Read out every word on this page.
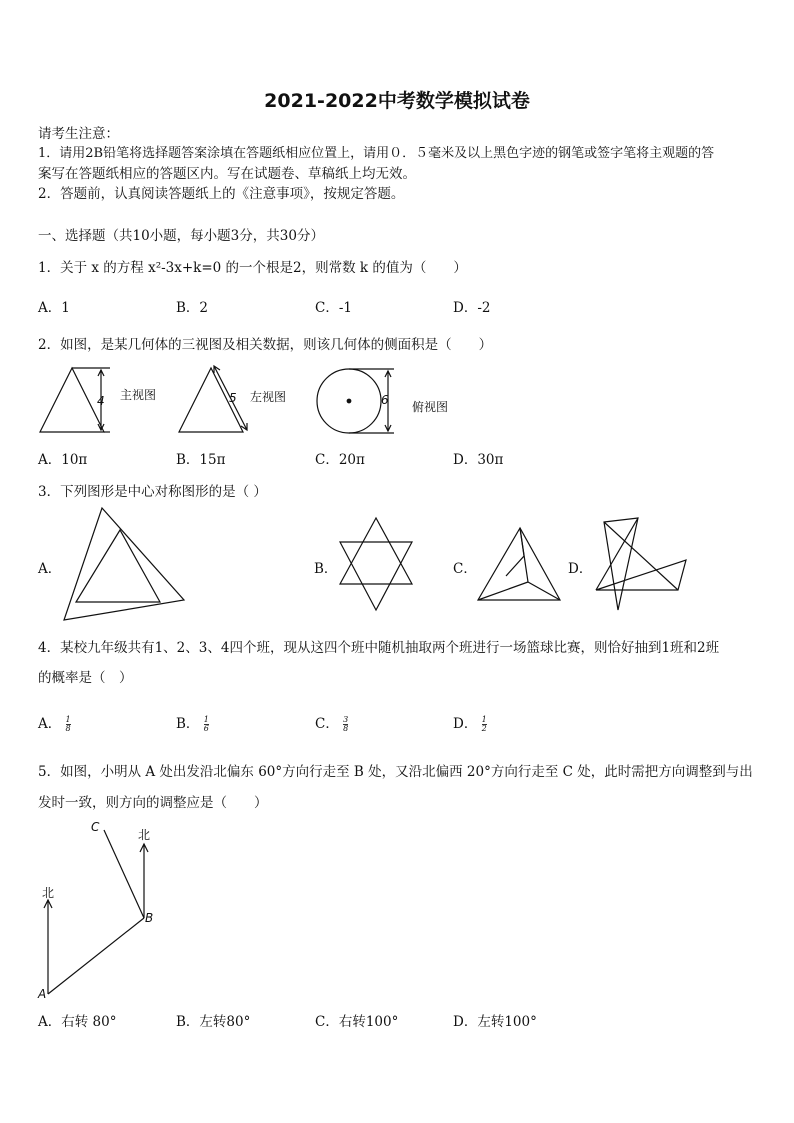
2021-2022中考数学模拟试卷
请考生注意：
1．请用2B铅笔将选择题答案涂填在答题纸相应位置上，请用０．５毫米及以上黑色字迹的钢笔或签字笔将主观题的答
案写在答题纸相应的答题区内。写在试题卷、草稿纸上均无效。
2．答题前，认真阅读答题纸上的《注意事项》，按规定答题。
一、选择题（共10小题，每小题3分，共30分）
1．关于 x 的方程 x²-3x+k=0 的一个根是2，则常数 k 的值为（　　）
A．1	B．2	C．-1	D．-2
2．如图，是某几何体的三视图及相关数据，则该几何体的侧面积是（　　）
4 主视图	5 左视图	6 俯视图
A．10π	B．15π	C．20π	D．30π
3．下列图形是中心对称图形的是（ ）
A．	B．	C．	D．
4．某校九年级共有1、2、3、4四个班，现从这四个班中随机抽取两个班进行一场篮球比赛，则恰好抽到1班和2班
的概率是（　）
A． $\frac{1}{8}$	B． $\frac{1}{6}$	C． $\frac{3}{8}$	D． $\frac{1}{2}$
5．如图，小明从 A 处出发沿北偏东 60°方向行走至 B 处，又沿北偏西 20°方向行走至 C 处，此时需把方向调整到与出
发时一致，则方向的调整应是（　　）
北
北
C
B
A
A．右转 80°	B．左转80°	C．右转100°	D．左转100°
